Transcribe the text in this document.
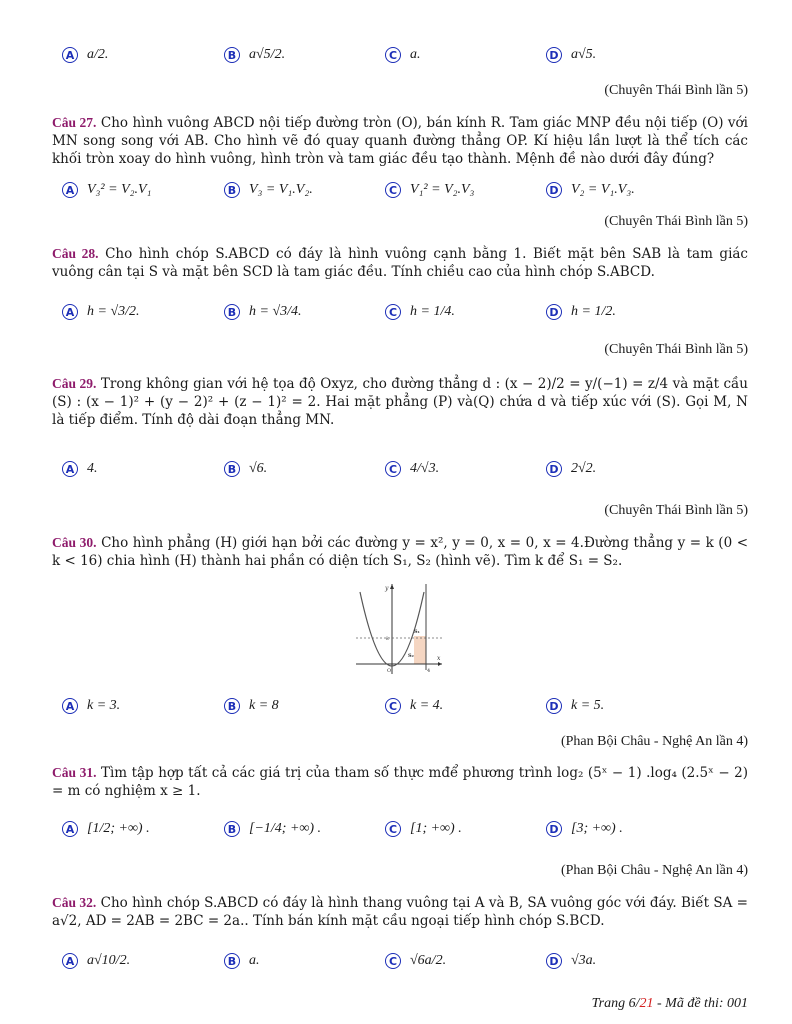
A a/2.	B a√5/2.	C a.	D a√5.
(Chuyên Thái Bình lần 5)
Câu 27. Cho hình vuông ABCD nội tiếp đường tròn (O), bán kính R. Tam giác MNP đều nội tiếp (O) với MN song song với AB. Cho hình vẽ đó quay quanh đường thẳng OP. Kí hiệu lần lượt là thể tích các khối tròn xoay do hình vuông, hình tròn và tam giác đều tạo thành. Mệnh đề nào dưới đây đúng?
A V₃² = V₂.V₁	B V₃ = V₁.V₂.	C V₁² = V₂.V₃	D V₂ = V₁.V₃.
(Chuyên Thái Bình lần 5)
Câu 28. Cho hình chóp S.ABCD có đáy là hình vuông cạnh bằng 1. Biết mặt bên SAB là tam giác vuông cân tại S và mặt bên SCD là tam giác đều. Tính chiều cao của hình chóp S.ABCD.
A h = √3/2.	B h = √3/4.	C h = 1/4.	D h = 1/2.
(Chuyên Thái Bình lần 5)
Câu 29. Trong không gian với hệ tọa độ Oxyz, cho đường thẳng d : (x − 2)/2 = y/(−1) = z/4 và mặt cầu (S) : (x − 1)² + (y − 2)² + (z − 1)² = 2. Hai mặt phẳng (P) và(Q) chứa d và tiếp xúc với (S). Gọi M, N là tiếp điểm. Tính độ dài đoạn thẳng MN.
A 4.	B √6.	C 4/√3.	D 2√2.
(Chuyên Thái Bình lần 5)
Câu 30. Cho hình phẳng (H) giới hạn bởi các đường y = x², y = 0, x = 0, x = 4.Đường thẳng y = k (0 < k < 16) chia hình (H) thành hai phần có diện tích S₁, S₂ (hình vẽ). Tìm k để S₁ = S₂.
y
x
O
k
S₁
S₂
4
A k = 3.	B k = 8	C k = 4.	D k = 5.
(Phan Bội Châu - Nghệ An lần 4)
Câu 31. Tìm tập hợp tất cả các giá trị của tham số thực mđể phương trình log₂ (5ˣ − 1) .log₄ (2.5ˣ − 2) = m có nghiệm x ≥ 1.
A [1/2; +∞) .	B [−1/4; +∞) .	C [1; +∞) .	D [3; +∞) .
(Phan Bội Châu - Nghệ An lần 4)
Câu 32. Cho hình chóp S.ABCD có đáy là hình thang vuông tại A và B, SA vuông góc với đáy. Biết SA = a√2, AD = 2AB = 2BC = 2a.. Tính bán kính mặt cầu ngoại tiếp hình chóp S.BCD.
A a√10/2.	B a.	C √6a/2.	D √3a.
Trang 6/21 - Mã đề thi: 001
